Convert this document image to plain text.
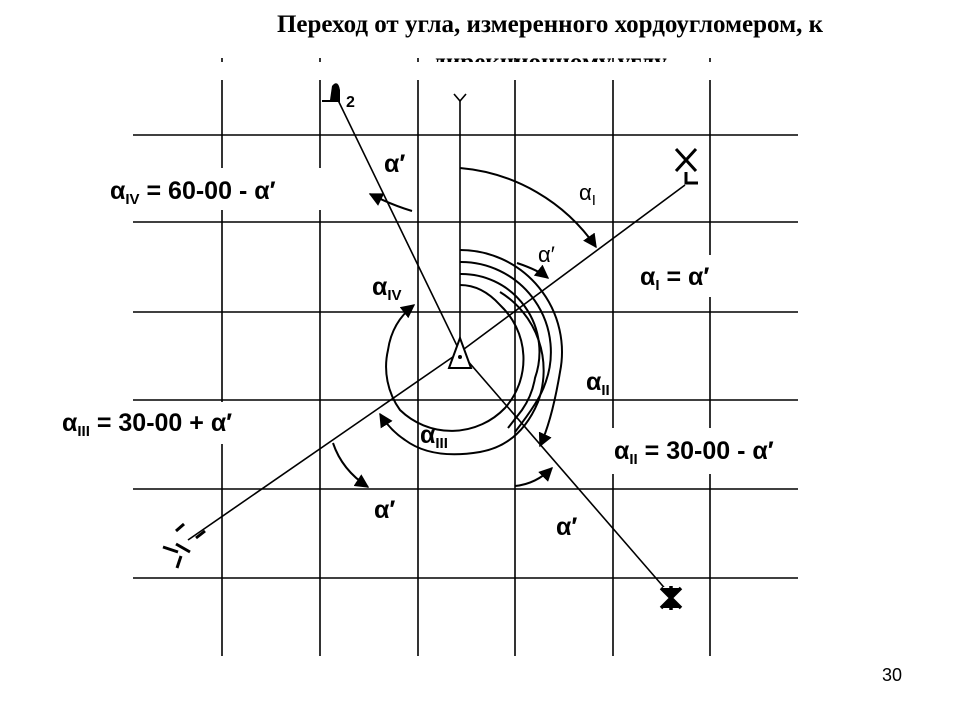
Переход от угла, измеренного хордоугломером, к
2
$\alpha_{IV} = 60-00 - \alpha'$
$\alpha_I = \alpha'$
$\alpha_{III} = 30-00 + \alpha'$
$\alpha_{II} = 30-00 - \alpha'$
α′
$\alpha_I$
α′
$\alpha_{IV}$
$\alpha_{II}$
$\alpha_{III}$
α′
α′
30
